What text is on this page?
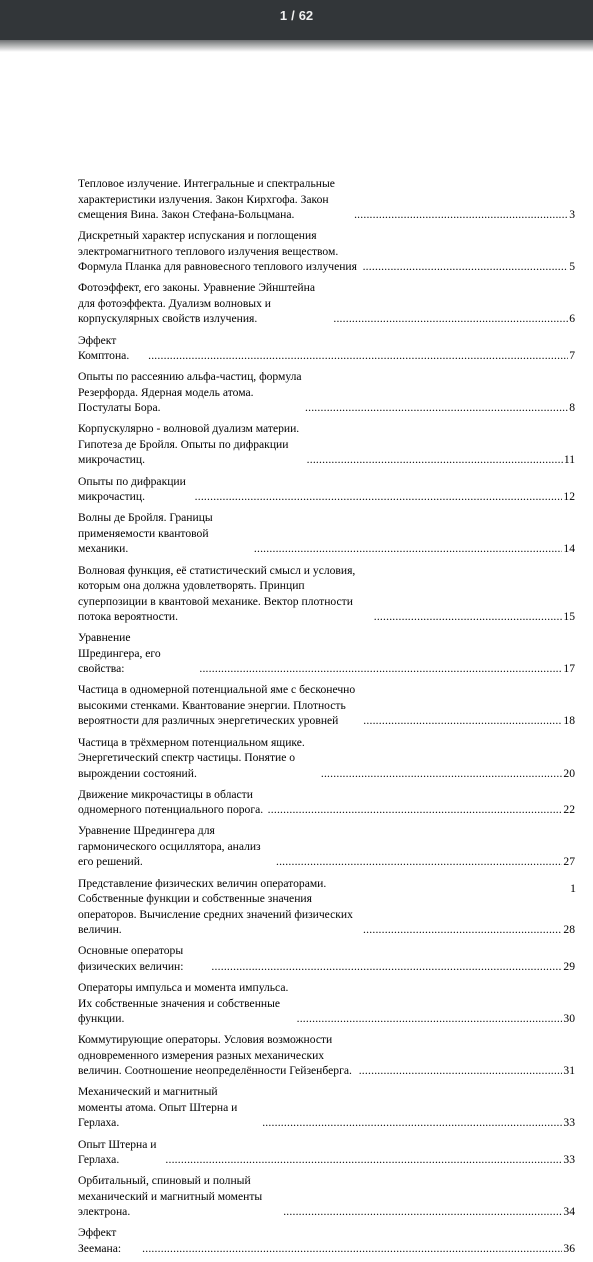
1 / 62
Тепловое излучение. Интегральные и спектральные характеристики излучения. Закон Кирхгофа. Закон смещения Вина. Закон Стефана-Больцмана. .....	3
Дискретный характер испускания и поглощения электромагнитного теплового излучения веществом. Формула Планка для равновесного теплового излучения .....	5
Фотоэффект, его законы. Уравнение Эйнштейна для фотоэффекта. Дуализм волновых и корпускулярных свойств излучения. .....	6
Эффект Комптона. .....	7
Опыты по рассеянию альфа-частиц, формула Резерфорда. Ядерная модель атома. Постулаты Бора. .....	8
Корпускулярно - волновой дуализм материи. Гипотеза де Бройля. Опыты по дифракции микрочастиц. .....	11
Опыты по дифракции микрочастиц. .....	12
Волны де Бройля. Границы применяемости квантовой механики. .....	14
Волновая функция, её статистический смысл и условия, которым она должна удовлетворять. Принцип суперпозиции в квантовой механике. Вектор плотности потока вероятности. .....	15
Уравнение Шредингера, его свойства: .....	17
Частица в одномерной потенциальной яме с бесконечно высокими стенками. Квантование энергии. Плотность вероятности для различных энергетических уровней .....	18
Частица в трёхмерном потенциальном ящике. Энергетический спектр частицы. Понятие о вырождении состояний. .....	20
Движение микрочастицы в области одномерного потенциального порога. .....	22
Уравнение Шредингера для гармонического осциллятора, анализ его решений. .....	27
Представление физических величин операторами. Собственные функции и собственные значения операторов. Вычисление средних значений физических величин. .....	28
Основные операторы физических величин: .....	29
Операторы импульса и момента импульса. Их собственные значения и собственные функции. .....	30
Коммутирующие операторы. Условия возможности одновременного измерения разных механических величин. Соотношение неопределённости Гейзенберга. .....	31
Механический и магнитный моменты атома. Опыт Штерна и Герлаха. .....	33
Опыт Штерна и Герлаха. .....	33
Орбитальный, спиновый и полный механический и магнитный моменты электрона. .....	34
Эффект Зеемана: .....	36
1
